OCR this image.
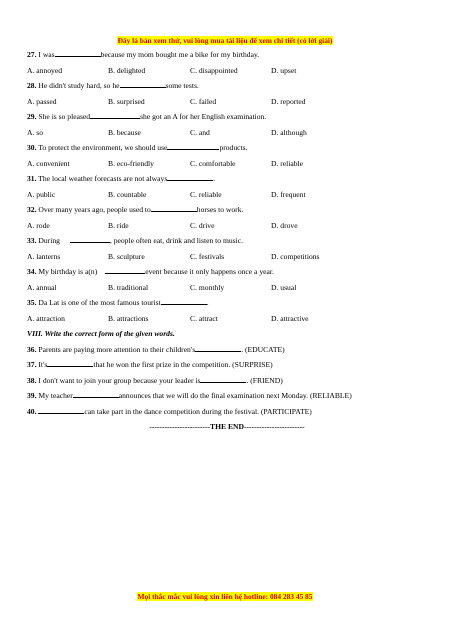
Đây là bản xem thử, vui lòng mua tài liệu để xem chi tiết (có lời giải)
27. I was	because my mom bought me a bike for my birthday.
A. annoyed	B. delighted	C. disappointed	D. upset
28. He didn't study hard, so he	some tests.
A. passed	B. surprised	C. failed	D. reported
29. She is so pleased	she got an A for her English examination.
A. so	B. because	C. and	D. although
30. To protect the environment, we should use	products.
A. convenient	B. eco-friendly	C. comfortable	D. reliable
31. The local weather forecasts are not always	.
A. public	B. countable	C. reliable	D. frequent
32. Over many years ago, people used to	horses to work.
A. rode	B. ride	C. drive	D. drove
33. During	, people often eat, drink and listen to music.
A. lanterns	B. sculpture	C. festivals	D. competitions
34. My birthday is a(n)	event because it only happens once a year.
A. annual	B. traditional	C. monthly	D. usual
35. Da Lat is one of the most famous tourist	.
A. attraction	B. attractions	C. attract	D. attractive
VIII. Write the correct form of the given words.
36. Parents are paying more attention to their children's	. (EDUCATE)
37. It's	that he won the first prize in the competition. (SURPRISE)
38. I don't want to join your group because your leader is	. (FRIEND)
39. My teacher	announces that we will do the final examination next Monday. (RELIABLE)
40.	can take part in the dance competition during the festival. (PARTICIPATE)
------------------------THE END------------------------
Mọi thắc mắc vui lòng xin liên hệ hotline: 084 283 45 85
